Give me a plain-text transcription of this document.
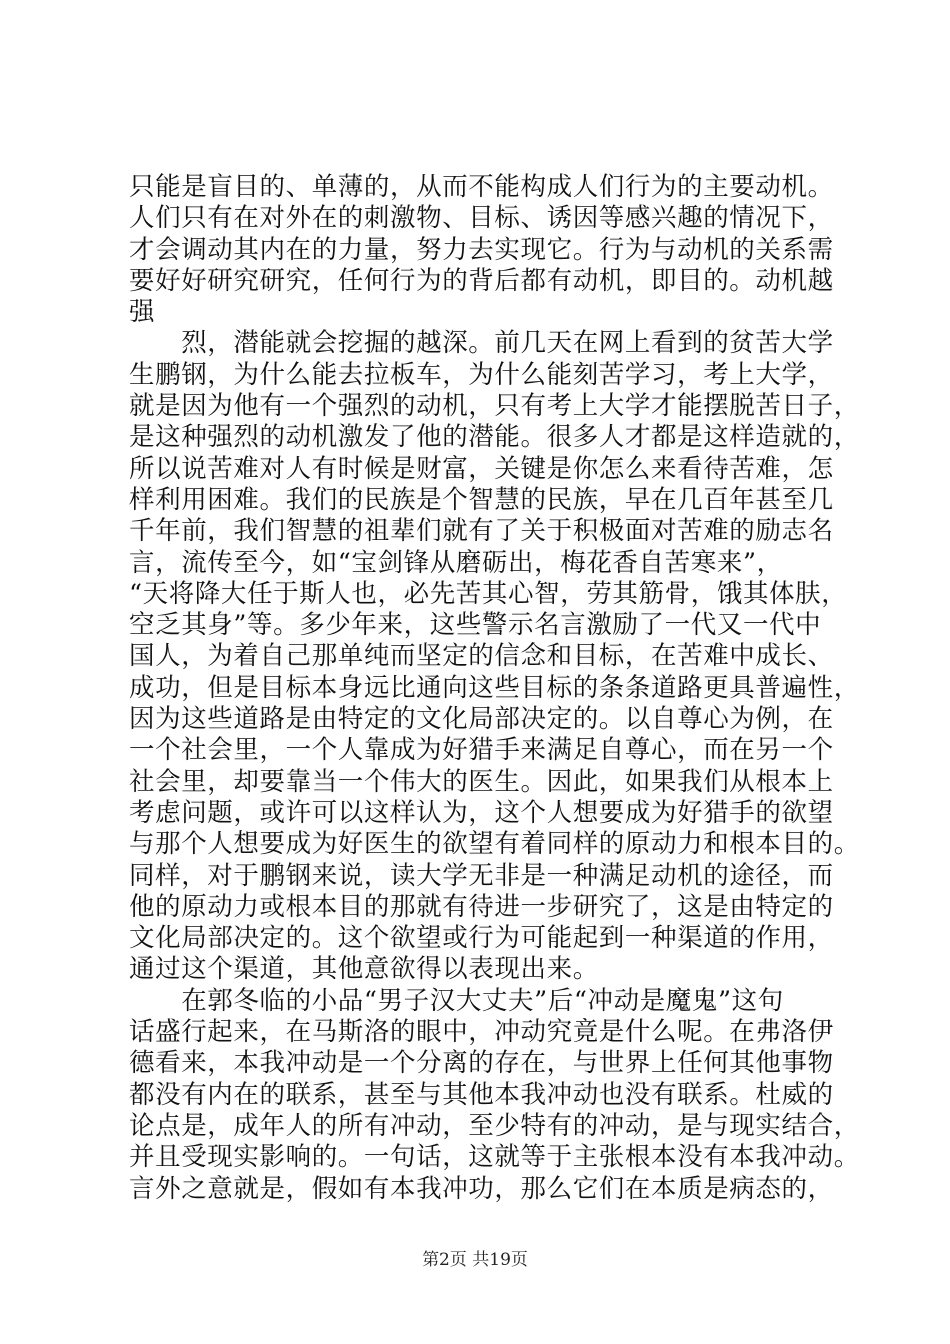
只能是盲目的、单薄的，从而不能构成人们行为的主要动机。
人们只有在对外在的刺激物、目标、诱因等感兴趣的情况下，
才会调动其内在的力量，努力去实现它。行为与动机的关系需
要好好研究研究，任何行为的背后都有动机，即目的。动机越
强
　　烈，潜能就会挖掘的越深。前几天在网上看到的贫苦大学
生鹏钢，为什么能去拉板车，为什么能刻苦学习，考上大学，
就是因为他有一个强烈的动机，只有考上大学才能摆脱苦日子，
是这种强烈的动机激发了他的潜能。很多人才都是这样造就的，
所以说苦难对人有时候是财富，关键是你怎么来看待苦难，怎
样利用困难。我们的民族是个智慧的民族，早在几百年甚至几
千年前，我们智慧的祖辈们就有了关于积极面对苦难的励志名
言，流传至今，如“宝剑锋从磨砺出，梅花香自苦寒来”，
“天将降大任于斯人也，必先苦其心智，劳其筋骨，饿其体肤，
空乏其身”等。多少年来，这些警示名言激励了一代又一代中
国人，为着自己那单纯而坚定的信念和目标，在苦难中成长、
成功，但是目标本身远比通向这些目标的条条道路更具普遍性，
因为这些道路是由特定的文化局部决定的。以自尊心为例，在
一个社会里，一个人靠成为好猎手来满足自尊心，而在另一个
社会里，却要靠当一个伟大的医生。因此，如果我们从根本上
考虑问题，或许可以这样认为，这个人想要成为好猎手的欲望
与那个人想要成为好医生的欲望有着同样的原动力和根本目的。
同样，对于鹏钢来说，读大学无非是一种满足动机的途径，而
他的原动力或根本目的那就有待进一步研究了，这是由特定的
文化局部决定的。这个欲望或行为可能起到一种渠道的作用，
通过这个渠道，其他意欲得以表现出来。
　　在郭冬临的小品“男子汉大丈夫”后“冲动是魔鬼”这句
话盛行起来，在马斯洛的眼中，冲动究竟是什么呢。在弗洛伊
德看来，本我冲动是一个分离的存在，与世界上任何其他事物
都没有内在的联系，甚至与其他本我冲动也没有联系。杜威的
论点是，成年人的所有冲动，至少特有的冲动，是与现实结合，
并且受现实影响的。一句话，这就等于主张根本没有本我冲动。
言外之意就是，假如有本我冲功，那么它们在本质是病态的，
第2页 共19页
